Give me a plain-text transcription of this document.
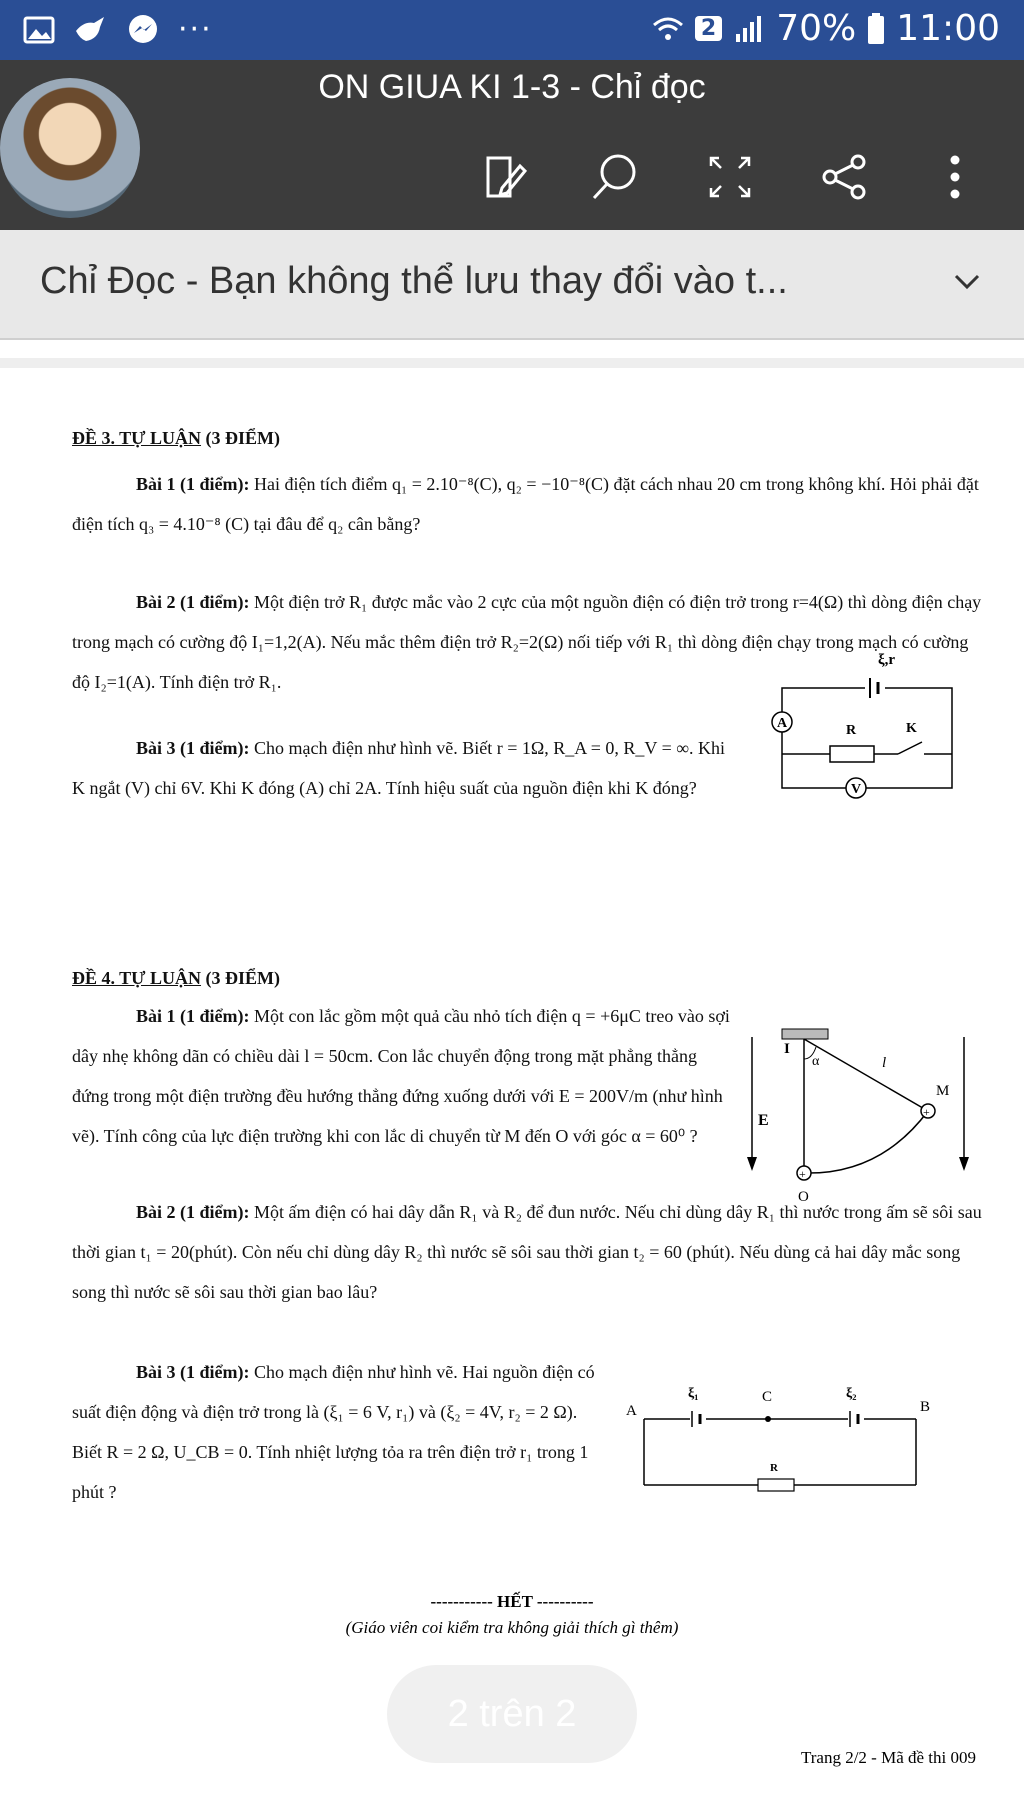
···	2 70% 11:00
ON GIUA KI 1-3 - Chỉ đọc
Chỉ Đọc - Bạn không thể lưu thay đổi vào t...

ĐỀ 3. TỰ LUẬN (3 ĐIỂM)

Bài 1 (1 điểm): Hai điện tích điểm q₁ = 2.10⁻⁸(C), q₂ = −10⁻⁸(C) đặt cách nhau 20 cm trong không khí. Hỏi phải đặt điện tích q₃ = 4.10⁻⁸ (C) tại đâu để q₂ cân bằng?

Bài 2 (1 điểm): Một điện trở R₁ được mắc vào 2 cực của một nguồn điện có điện trở trong r=4(Ω) thì dòng điện chạy trong mạch có cường độ I₁=1,2(A). Nếu mắc thêm điện trở R₂=2(Ω) nối tiếp với R₁ thì dòng điện chạy trong mạch có cường độ I₂=1(A). Tính điện trở R₁.

Bài 3 (1 điểm): Cho mạch điện như hình vẽ. Biết r = 1Ω, R_A = 0, R_V = ∞. Khi K ngắt (V) chỉ 6V. Khi K đóng (A) chỉ 2A. Tính hiệu suất của nguồn điện khi K đóng?

ξ,r
A	R	K
V

ĐỀ 4. TỰ LUẬN (3 ĐIỂM)

Bài 1 (1 điểm): Một con lắc gồm một quả cầu nhỏ tích điện q = +6μC treo vào sợi dây nhẹ không dãn có chiều dài l = 50cm. Con lắc chuyển động trong mặt phẳng thẳng đứng trong một điện trường đều hướng thẳng đứng xuống dưới với E = 200V/m (như hình vẽ). Tính công của lực điện trường khi con lắc di chuyển từ M đến O với góc α = 60⁰ ?

Bài 2 (1 điểm): Một ấm điện có hai dây dẫn R₁ và R₂ để đun nước. Nếu chỉ dùng dây R₁ thì nước trong ấm sẽ sôi sau thời gian t₁ = 20(phút). Còn nếu chỉ dùng dây R₂ thì nước sẽ sôi sau thời gian t₂ = 60 (phút). Nếu dùng cả hai dây mắc song song thì nước sẽ sôi sau thời gian bao lâu?

Bài 3 (1 điểm): Cho mạch điện như hình vẽ. Hai nguồn điện có suất điện động và điện trở trong là (ξ₁ = 6 V, r₁) và (ξ₂ = 4V, r₂ = 2 Ω). Biết R = 2 Ω, U_CB = 0. Tính nhiệt lượng tỏa ra trên điện trở r₁ trong 1 phút ?

E
I
α	l
+
M
+
O
A	B
C
ξ₁	ξ₂
R
----------- HẾT ----------
(Giáo viên coi kiểm tra không giải thích gì thêm)
2 trên 2
Trang 2/2 - Mã đề thi 009
